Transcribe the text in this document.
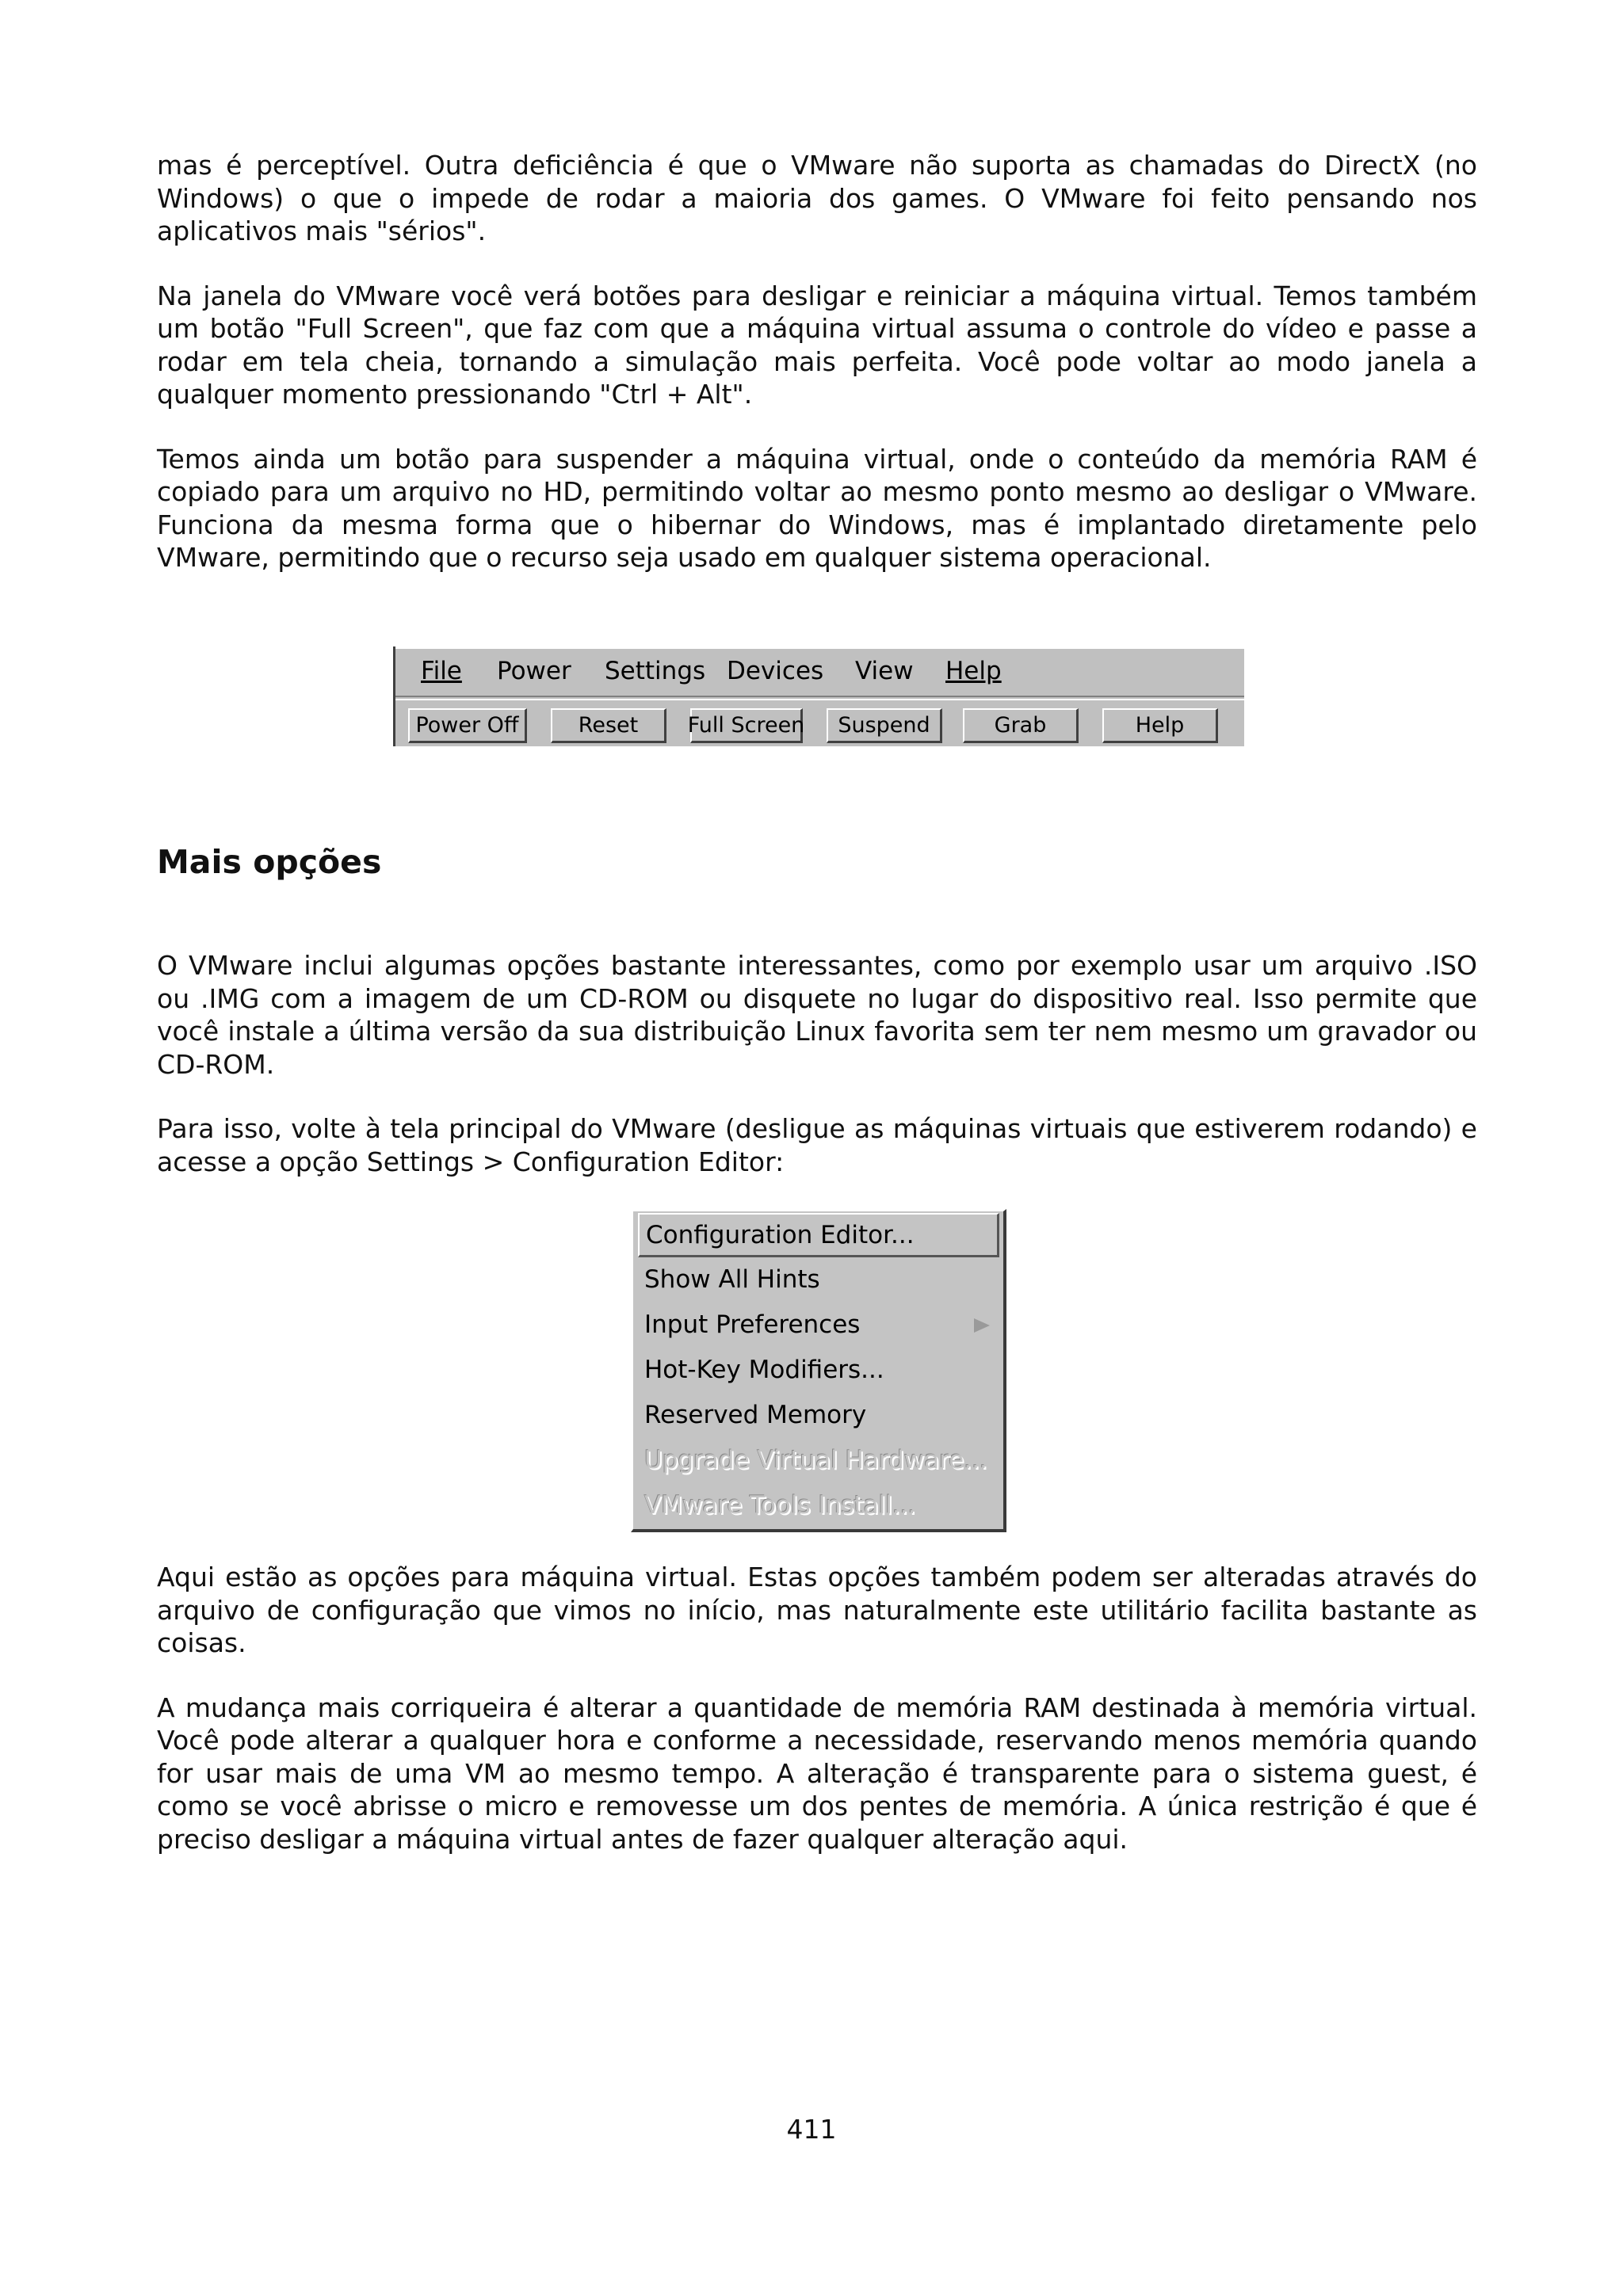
mas é perceptível. Outra deficiência é que o VMware não suporta as chamadas do DirectX (no Windows) o que o impede de rodar a maioria dos games. O VMware foi feito pensando nos aplicativos mais "sérios".

Na janela do VMware você verá botões para desligar e reiniciar a máquina virtual. Temos também um botão "Full Screen", que faz com que a máquina virtual assuma o controle do vídeo e passe a rodar em tela cheia, tornando a simulação mais perfeita. Você pode voltar ao modo janela a qualquer momento pressionando "Ctrl + Alt".

Temos ainda um botão para suspender a máquina virtual, onde o conteúdo da memória RAM é copiado para um arquivo no HD, permitindo voltar ao mesmo ponto mesmo ao desligar o VMware. Funciona da mesma forma que o hibernar do Windows, mas é implantado diretamente pelo VMware, permitindo que o recurso seja usado em qualquer sistema operacional.

File Power Settings Devices View Help
Power Off	Reset	Full Screen	Suspend	Grab	Help
Mais opções

O VMware inclui algumas opções bastante interessantes, como por exemplo usar um arquivo .ISO ou .IMG com a imagem de um CD-ROM ou disquete no lugar do dispositivo real. Isso permite que você instale a última versão da sua distribuição Linux favorita sem ter nem mesmo um gravador ou CD-ROM.

Para isso, volte à tela principal do VMware (desligue as máquinas virtuais que estiverem rodando) e acesse a opção Settings > Configuration Editor:

Configuration Editor...
Show All Hints
Input Preferences
Hot-Key Modifiers...
Reserved Memory
Upgrade Virtual Hardware...
VMware Tools Install...

Aqui estão as opções para máquina virtual. Estas opções também podem ser alteradas através do arquivo de configuração que vimos no início, mas naturalmente este utilitário facilita bastante as coisas.

A mudança mais corriqueira é alterar a quantidade de memória RAM destinada à memória virtual. Você pode alterar a qualquer hora e conforme a necessidade, reservando menos memória quando for usar mais de uma VM ao mesmo tempo. A alteração é transparente para o sistema guest, é como se você abrisse o micro e removesse um dos pentes de memória. A única restrição é que é preciso desligar a máquina virtual antes de fazer qualquer alteração aqui.

411
